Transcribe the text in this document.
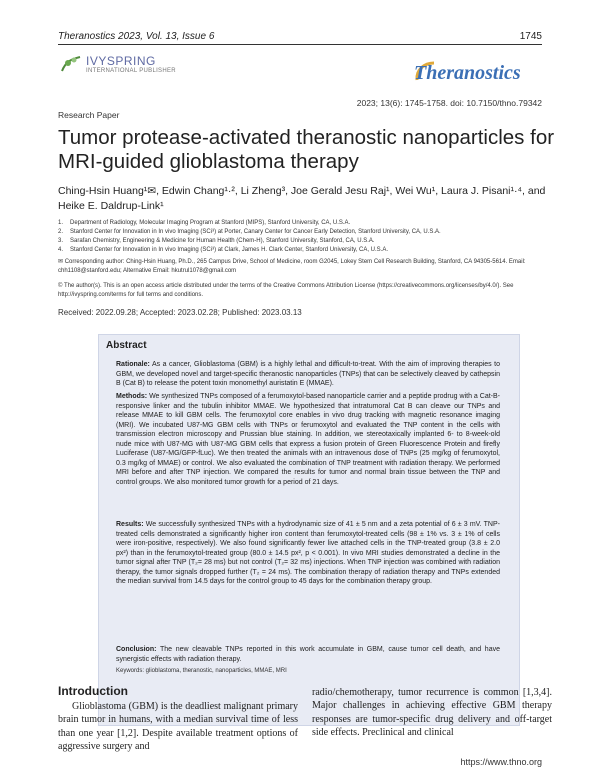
Theranostics 2023, Vol. 13, Issue 6	1745
IVYSPRING
INTERNATIONAL PUBLISHER	Theranostics
2023; 13(6): 1745-1758. doi: 10.7150/thno.79342
Research Paper
Tumor protease-activated theranostic nanoparticles for MRI-guided glioblastoma therapy
Ching-Hsin Huang¹✉, Edwin Chang¹·², Li Zheng³, Joe Gerald Jesu Raj¹, Wei Wu¹, Laura J. Pisani¹·⁴, and Heike E. Daldrup-Link¹
1. Department of Radiology, Molecular Imaging Program at Stanford (MIPS), Stanford University, CA, U.S.A.
2. Stanford Center for Innovation in In vivo Imaging (SCi³) at Porter, Canary Center for Cancer Early Detection, Stanford University, CA, U.S.A.
3. Sarafan Chemistry, Engineering & Medicine for Human Health (Chem-H), Stanford University, Stanford, CA, U.S.A.
4. Stanford Center for Innovation in In vivo Imaging (SCi³) at Clark, James H. Clark Center, Stanford University, CA, U.S.A.
✉ Corresponding author: Ching-Hsin Huang, Ph.D., 265 Campus Drive, School of Medicine, room G2045, Lokey Stem Cell Research Building, Stanford, CA 94305-5614. Email: chh1108@stanford.edu; Alternative Email: hkutrul1078@gmail.com
© The author(s). This is an open access article distributed under the terms of the Creative Commons Attribution License (https://creativecommons.org/licenses/by/4.0/). See http://ivyspring.com/terms for full terms and conditions.
Received: 2022.09.28; Accepted: 2023.02.28; Published: 2023.03.13
Abstract
Rationale: As a cancer, Glioblastoma (GBM) is a highly lethal and difficult-to-treat. With the aim of improving therapies to GBM, we developed novel and target-specific theranostic nanoparticles (TNPs) that can be selectively cleaved by cathepsin B (Cat B) to release the potent toxin monomethyl auristatin E (MMAE).
Methods: We synthesized TNPs composed of a ferumoxytol-based nanoparticle carrier and a peptide prodrug with a Cat-B-responsive linker and the tubulin inhibitor MMAE. We hypothesized that intratumoral Cat B can cleave our TNPs and release MMAE to kill GBM cells. The ferumoxytol core enables in vivo drug tracking with magnetic resonance imaging (MRI). We incubated U87-MG GBM cells with TNPs or ferumoxytol and evaluated the TNP content in the cells with transmission electron microscopy and Prussian blue staining. In addition, we stereotaxically implanted 6- to 8-week-old nude mice with U87-MG with U87-MG GBM cells that express a fusion protein of Green Fluorescence Protein and firefly Luciferase (U87-MG/GFP-fLuc). We then treated the animals with an intravenous dose of TNPs (25 mg/kg of ferumoxytol, 0.3 mg/kg of MMAE) or control. We also evaluated the combination of TNP treatment with radiation therapy. We performed MRI before and after TNP injection. We compared the results for tumor and normal brain tissue between the TNP and control groups. We also monitored tumor growth for a period of 21 days.
Results: We successfully synthesized TNPs with a hydrodynamic size of 41 ± 5 nm and a zeta potential of 6 ± 3 mV. TNP-treated cells demonstrated a significantly higher iron content than ferumoxytol-treated cells (98 ± 1% vs. 3 ± 1% of cells were iron-positive, respectively). We also found significantly fewer live attached cells in the TNP-treated group (3.8 ± 2.0 px²) than in the ferumoxytol-treated group (80.0 ± 14.5 px², p < 0.001). In vivo MRI studies demonstrated a decline in the tumor signal after TNP (T₂= 28 ms) but not control (T₂= 32 ms) injections. When TNP injection was combined with radiation therapy, the tumor signals dropped further (T₂ = 24 ms). The combination therapy of radiation therapy and TNPs extended the median survival from 14.5 days for the control group to 45 days for the combination therapy group.
Conclusion: The new cleavable TNPs reported in this work accumulate in GBM, cause tumor cell death, and have synergistic effects with radiation therapy.
Keywords: glioblastoma, theranostic, nanoparticles, MMAE, MRI
Introduction
Glioblastoma (GBM) is the deadliest malignant primary brain tumor in humans, with a median survival time of less than one year [1,2]. Despite available treatment options of aggressive surgery and
radio/chemotherapy, tumor recurrence is common [1,3,4]. Major challenges in achieving effective GBM therapy responses are tumor-specific drug delivery and off-target side effects. Preclinical and clinical
https://www.thno.org
